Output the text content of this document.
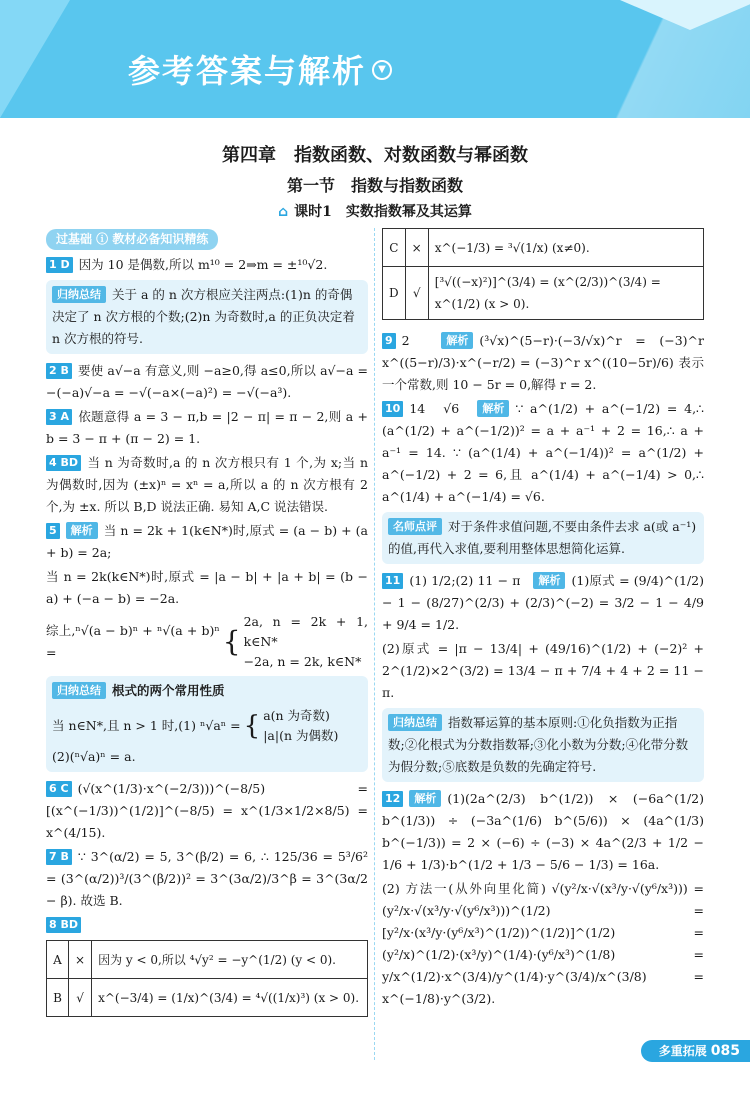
参考答案与解析	▼
第四章　指数函数、对数函数与幂函数
第一节　指数与指数函数
⌂ 课时1　实数指数幂及其运算
过基础 ⓘ 教材必备知识精练
1 D 因为 10 是偶数,所以 m¹⁰ = 2⇒m = ±¹⁰√2.
归纳总结 关于 a 的 n 次方根应关注两点:(1)n 的奇偶决定了 n 次方根的个数;(2)n 为奇数时,a 的正负决定着 n 次方根的符号.
2 B 要使 a√−a 有意义,则 −a≥0,得 a≤0,所以 a√−a = −(−a)√−a = −√(−a×(−a)²) = −√(−a³).
3 A 依题意得 a = 3 − π,b = |2 − π| = π − 2,则 a + b = 3 − π + (π − 2) = 1.
4 BD 当 n 为奇数时,a 的 n 次方根只有 1 个,为 x;当 n 为偶数时,因为 (±x)ⁿ = xⁿ = a,所以 a 的 n 次方根有 2 个,为 ±x. 所以 B,D 说法正确. 易知 A,C 说法错误.
5 解析 当 n = 2k + 1(k∈N*)时,原式 = (a − b) + (a + b) = 2a;
当 n = 2k(k∈N*)时,原式 = |a − b| + |a + b| = (b − a) + (−a − b) = −2a.
综上,ⁿ√(a − b)ⁿ + ⁿ√(a + b)ⁿ =	{
2a, n = 2k + 1, k∈N*
−2a, n = 2k, k∈N*
归纳总结 根式的两个常用性质
当 n∈N*,且 n > 1 时,(1) ⁿ√aⁿ = { a(n 为奇数)
|a|(n 为偶数)
(2)(ⁿ√a)ⁿ = a.
6 C (√(x^(1/3)·x^(−2/3)))^(−8/5) = [(x^(−1/3))^(1/2)]^(−8/5) = x^(1/3×1/2×8/5) = x^(4/15).
7 B ∵ 3^(α/2) = 5, 3^(β/2) = 6, ∴ 125/36 = 5³/6² = (3^(α/2))³/(3^(β/2))² = 3^(3α/2)/3^β = 3^(3α/2 − β). 故选 B.
8 BD
A	×	因为 y < 0,所以 ⁴√y² = −y^(1/2) (y < 0).
B	√	x^(−3/4) = (1/x)^(3/4) = ⁴√((1/x)³) (x > 0).
C	×	x^(−1/3) = ³√(1/x) (x≠0).
D	√	[³√((−x)²)]^(3/4) = (x^(2/3))^(3/4) = x^(1/2) (x > 0).
9 2　	解析 (³√x)^(5−r)·(−3/√x)^r = (−3)^r x^((5−r)/3)·x^(−r/2) = (−3)^r x^((10−5r)/6) 表示一个常数,则 10 − 5r = 0,解得 r = 2.
10 14　√6　 解析 ∵ a^(1/2) + a^(−1/2) = 4,∴ (a^(1/2) + a^(−1/2))² = a + a⁻¹ + 2 = 16,∴ a + a⁻¹ = 14. ∵ (a^(1/4) + a^(−1/4))² = a^(1/2) + a^(−1/2) + 2 = 6,且 a^(1/4) + a^(−1/4) > 0,∴ a^(1/4) + a^(−1/4) = √6.
名师点评 对于条件求值问题,不要由条件去求 a(或 a⁻¹)的值,再代入求值,要利用整体思想简化运算.
11 (1) 1/2;(2) 11 − π　 解析 (1)原式 = (9/4)^(1/2) − 1 − (8/27)^(2/3) + (2/3)^(−2) = 3/2 − 1 − 4/9 + 9/4 = 1/2.
(2)原式 = |π − 13/4| + (49/16)^(1/2) + (−2)² + 2^(1/2)×2^(3/2) = 13/4 − π + 7/4 + 4 + 2 = 11 − π.
归纳总结 指数幂运算的基本原则:①化负指数为正指数;②化根式为分数指数幂;③化小数为分数;④化带分数为假分数;⑤底数是负数的先确定符号.
12 解析 (1)(2a^(2/3) b^(1/2)) × (−6a^(1/2) b^(1/3)) ÷ (−3a^(1/6) b^(5/6)) × (4a^(1/3) b^(−1/3)) = 2 × (−6) ÷ (−3) × 4a^(2/3 + 1/2 − 1/6 + 1/3)·b^(1/2 + 1/3 − 5/6 − 1/3) = 16a.
(2) 方法一(从外向里化简) √(y²/x·√(x³/y·√(y⁶/x³))) = (y²/x·√(x³/y·√(y⁶/x³)))^(1/2) = [y²/x·(x³/y·(y⁶/x³)^(1/2))^(1/2)]^(1/2) = (y²/x)^(1/2)·(x³/y)^(1/4)·(y⁶/x³)^(1/8) = y/x^(1/2)·x^(3/4)/y^(1/4)·y^(3/4)/x^(3/8) = x^(−1/8)·y^(3/2).
多重拓展 085
